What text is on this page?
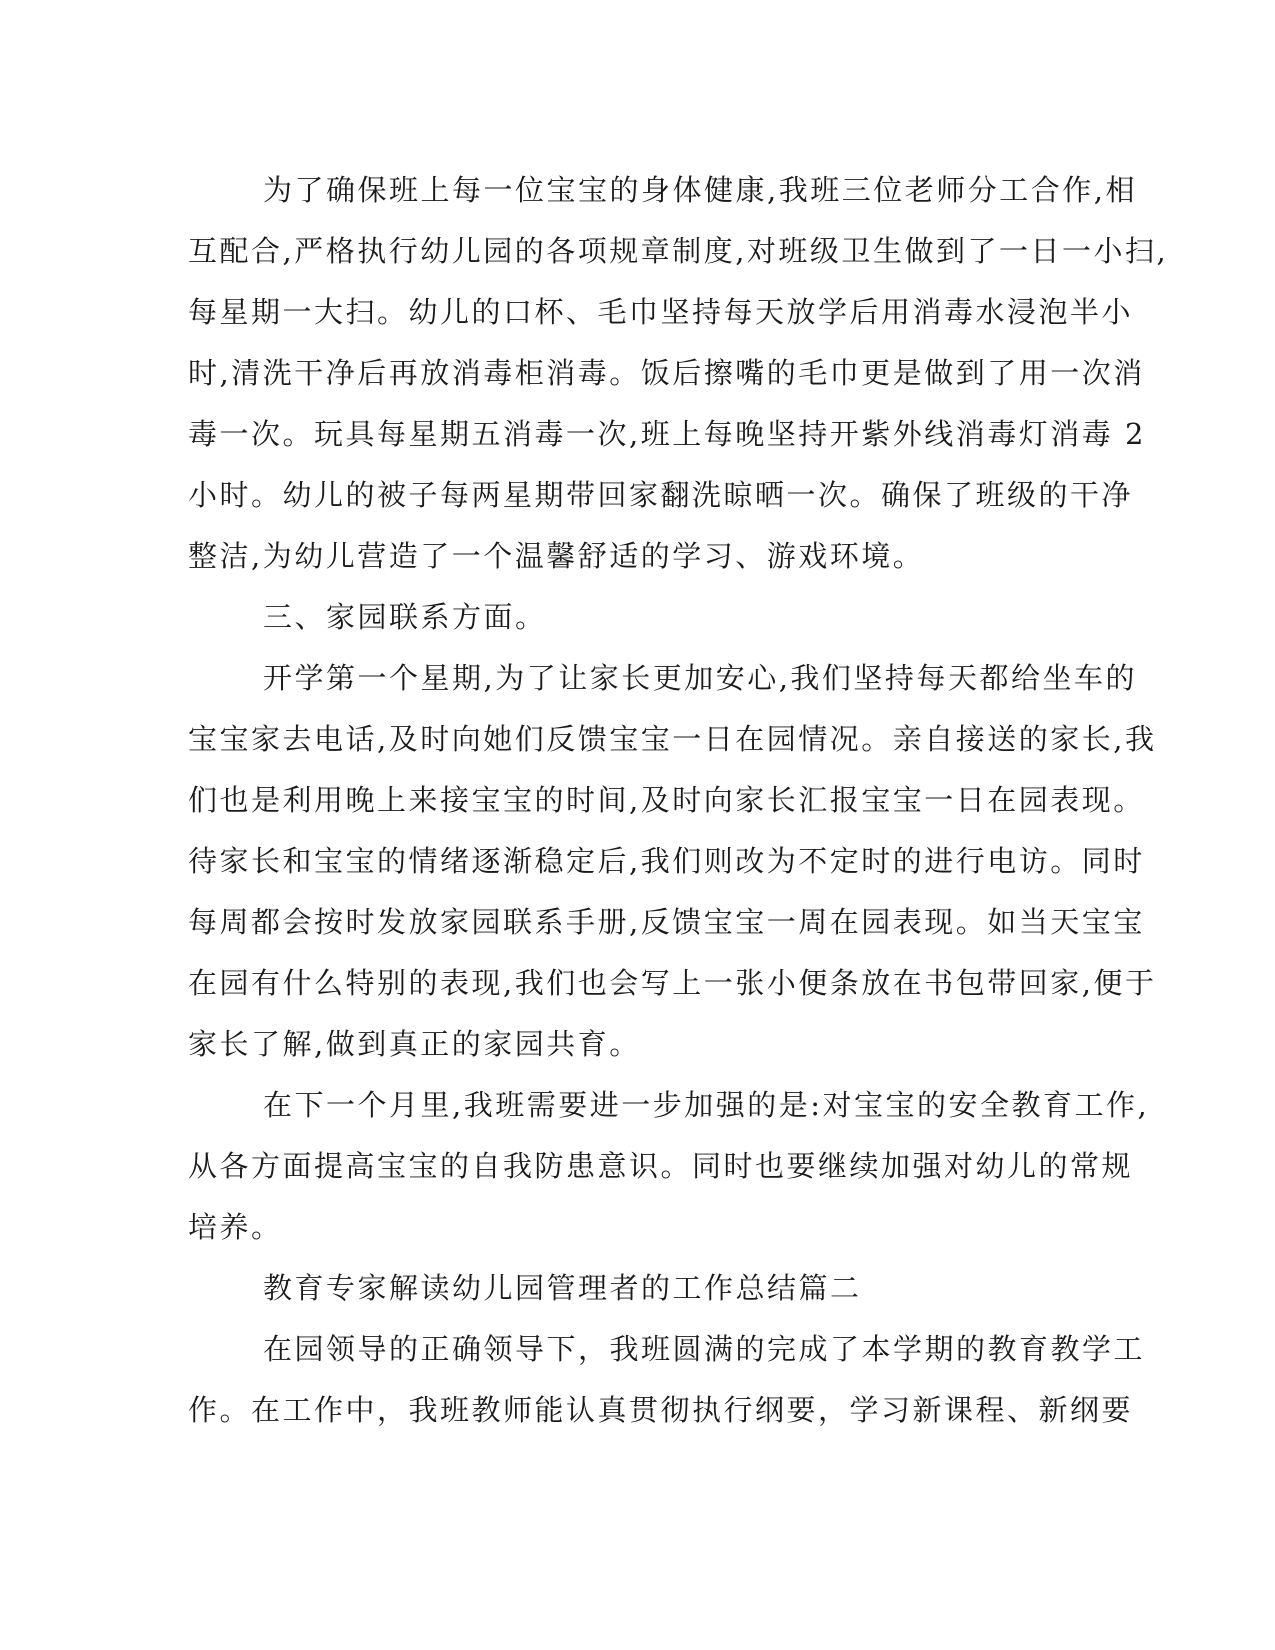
为了确保班上每一位宝宝的身体健康,我班三位老师分工合作,相
互配合,严格执行幼儿园的各项规章制度,对班级卫生做到了一日一小扫,
每星期一大扫。幼儿的口杯、毛巾坚持每天放学后用消毒水浸泡半小
时,清洗干净后再放消毒柜消毒。饭后擦嘴的毛巾更是做到了用一次消
毒一次。玩具每星期五消毒一次,班上每晚坚持开紫外线消毒灯消毒 2
小时。幼儿的被子每两星期带回家翻洗晾晒一次。确保了班级的干净
整洁,为幼儿营造了一个温馨舒适的学习、游戏环境。
三、家园联系方面。
开学第一个星期,为了让家长更加安心,我们坚持每天都给坐车的
宝宝家去电话,及时向她们反馈宝宝一日在园情况。亲自接送的家长,我
们也是利用晚上来接宝宝的时间,及时向家长汇报宝宝一日在园表现。
待家长和宝宝的情绪逐渐稳定后,我们则改为不定时的进行电访。同时
每周都会按时发放家园联系手册,反馈宝宝一周在园表现。如当天宝宝
在园有什么特别的表现,我们也会写上一张小便条放在书包带回家,便于
家长了解,做到真正的家园共育。
在下一个月里,我班需要进一步加强的是:对宝宝的安全教育工作,
从各方面提高宝宝的自我防患意识。同时也要继续加强对幼儿的常规
培养。
教育专家解读幼儿园管理者的工作总结篇二
在园领导的正确领导下，我班圆满的完成了本学期的教育教学工
作。在工作中，我班教师能认真贯彻执行纲要，学习新课程、新纲要
